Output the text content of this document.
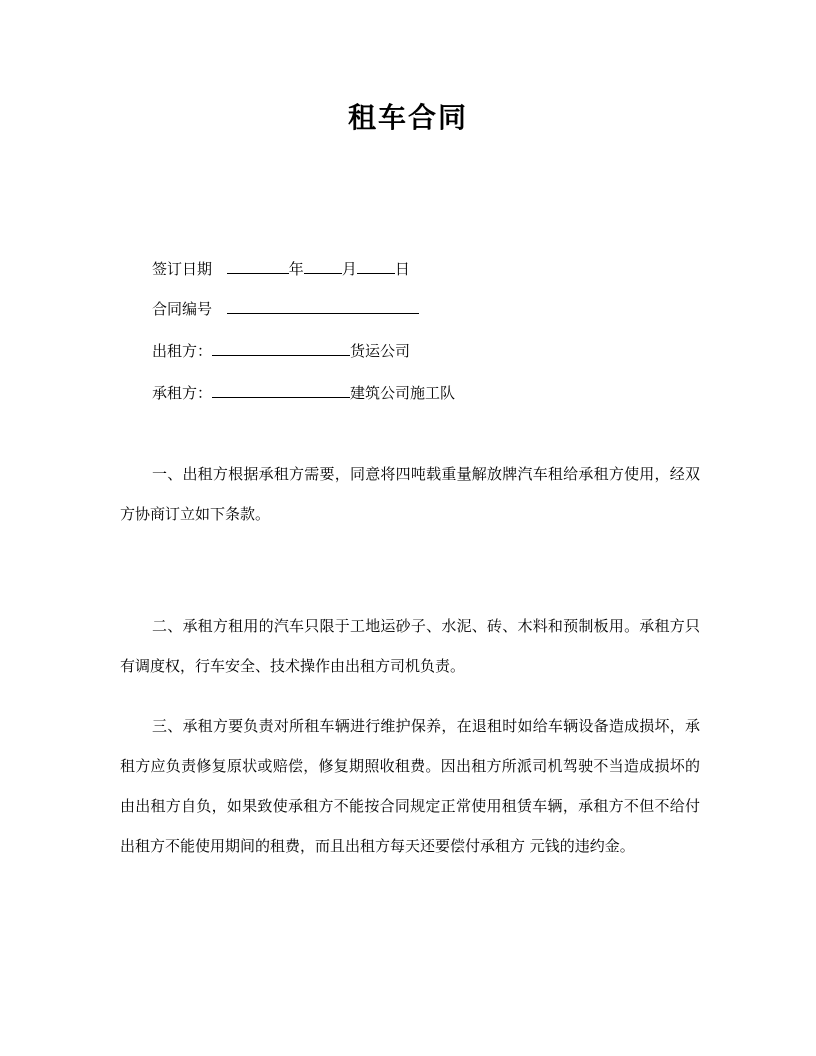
租车合同
签订日期	年	月	日
合同编号
出租方：	货运公司
承租方：	建筑公司施工队

一、出租方根据承租方需要，同意将四吨载重量解放牌汽车租给承租方使用，经双方协商订立如下条款。

二、承租方租用的汽车只限于工地运砂子、水泥、砖、木料和预制板用。承租方只有调度权，行车安全、技术操作由出租方司机负责。

三、承租方要负责对所租车辆进行维护保养，在退租时如给车辆设备造成损坏，承租方应负责修复原状或赔偿，修复期照收租费。因出租方所派司机驾驶不当造成损坏的由出租方自负，如果致使承租方不能按合同规定正常使用租赁车辆，承租方不但不给付出租方不能使用期间的租费，而且出租方每天还要偿付承租方 元钱的违约金。
